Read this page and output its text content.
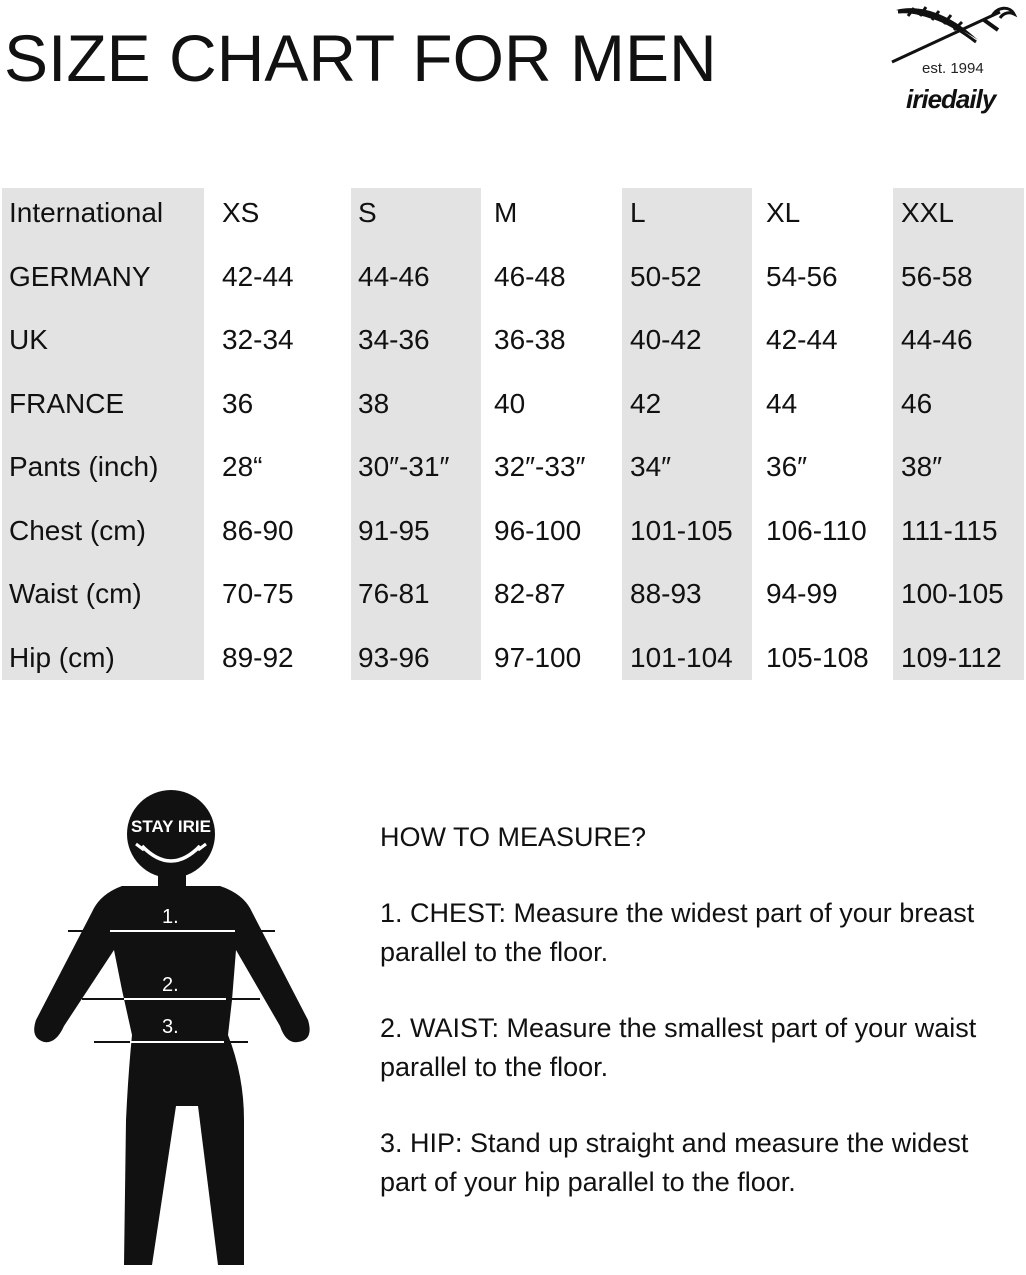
SIZE CHART FOR MEN	est. 1994
iriedaily
International XS	S	M	L	XL	XXL
GERMANY	42-44 44-46 46-48 50-52 54-56 56-58
UK	32-34 34-36 36-38 40-42 42-44 44-46
FRANCE	36	38	40	42	44	46
Pants (inch) 28“	30″-31″ 32″-33″ 34″	36″	38″
Chest (cm)	86-90 91-95 96-100 101-105 106-110 111-115
Waist (cm)	70-75 76-81 82-87 88-93 94-99 100-105
Hip (cm)	89-92 93-96 97-100 101-104 105-108 109-112
STAY IRIE
1.
2.
3.

HOW TO MEASURE?

1. CHEST: Measure the widest part of your breast parallel to the floor.

2. WAIST: Measure the smallest part of your waist parallel to the floor.

3. HIP: Stand up straight and measure the widest part of your hip parallel to the floor.
